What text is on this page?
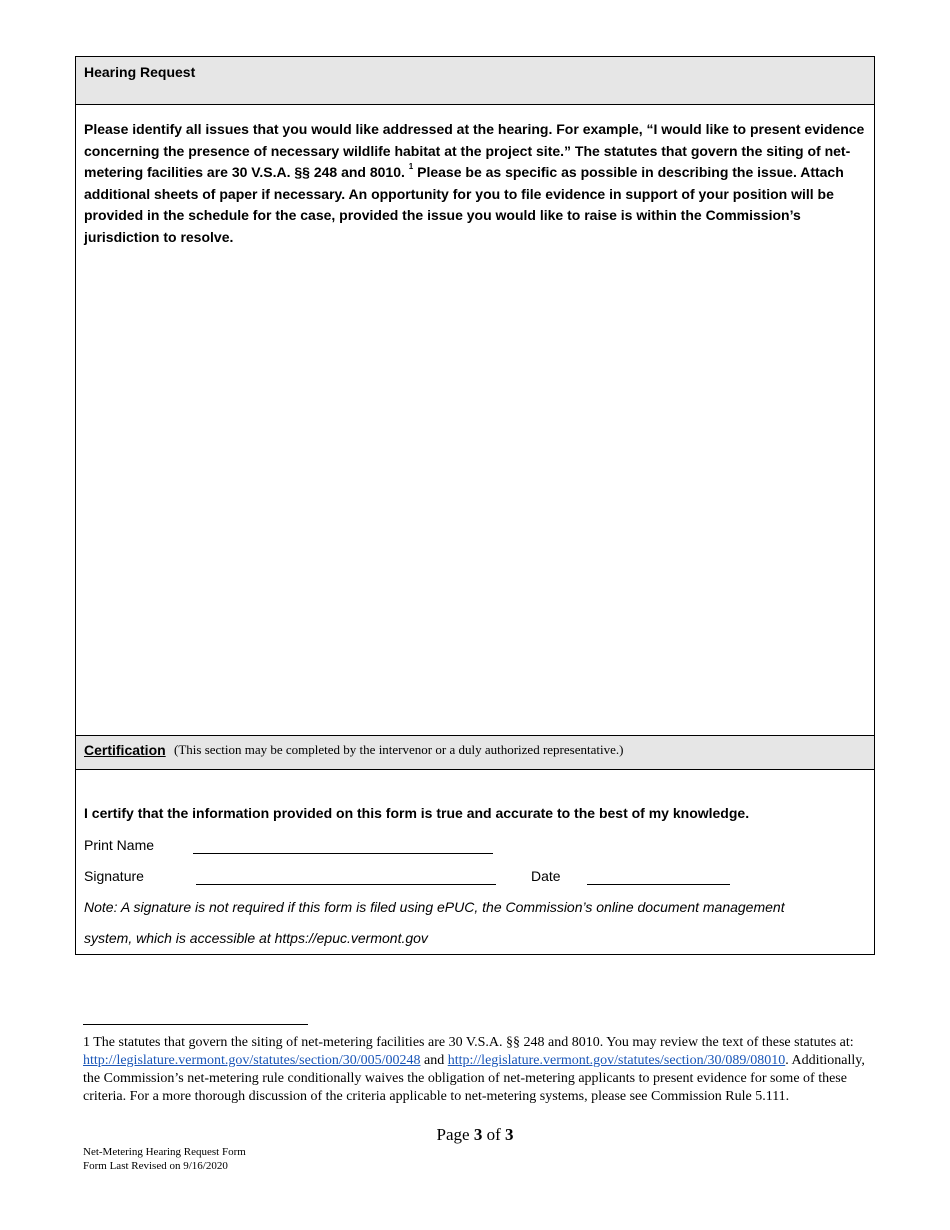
Hearing Request
Please identify all issues that you would like addressed at the hearing. For example, “I would like to present evidence concerning the presence of necessary wildlife habitat at the project site.” The statutes that govern the siting of net-metering facilities are 30 V.S.A. §§ 248 and 8010. $^1$ Please be as specific as possible in describing the issue. Attach additional sheets of paper if necessary. An opportunity for you to file evidence in support of your position will be provided in the schedule for the case, provided the issue you would like to raise is within the Commission’s jurisdiction to resolve.
Certification (This section may be completed by the intervenor or a duly authorized representative.)
I certify that the information provided on this form is true and accurate to the best of my knowledge.
Print Name
Signature	Date
Note: A signature is not required if this form is filed using ePUC, the Commission’s online document management
system, which is accessible at https://epuc.vermont.gov
1 The statutes that govern the siting of net-metering facilities are 30 V.S.A. §§ 248 and 8010. You may review the text of these statutes at: http://legislature.vermont.gov/statutes/section/30/005/00248 and http://legislature.vermont.gov/statutes/section/30/089/08010. Additionally, the Commission’s net-metering rule conditionally waives the obligation of net-metering applicants to present evidence for some of these criteria. For a more thorough discussion of the criteria applicable to net-metering systems, please see Commission Rule 5.111.
Page 3 of 3
Net-Metering Hearing Request Form
Form Last Revised on 9/16/2020
